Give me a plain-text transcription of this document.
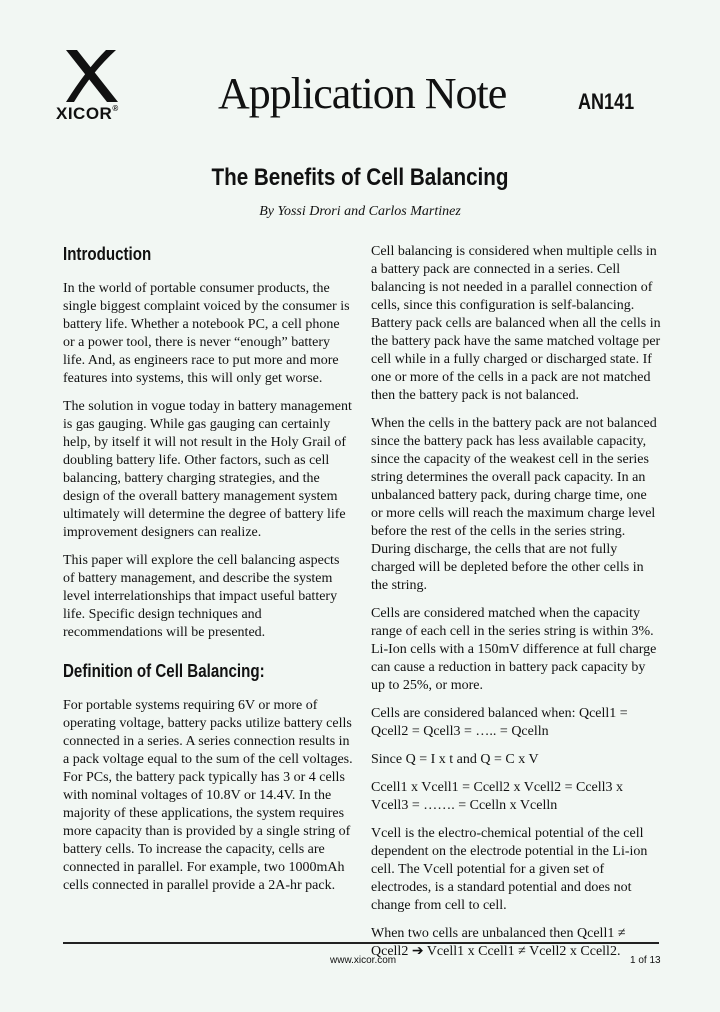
XICOR® Application Note	AN141
The Benefits of Cell Balancing
By Yossi Drori and Carlos Martinez
Introduction

In the world of portable consumer products, the single biggest complaint voiced by the consumer is battery life. Whether a notebook PC, a cell phone or a power tool, there is never “enough” battery life. And, as engineers race to put more and more features into systems, this will only get worse.

The solution in vogue today in battery management is gas gauging. While gas gauging can certainly help, by itself it will not result in the Holy Grail of doubling battery life. Other factors, such as cell balancing, battery charging strategies, and the design of the overall battery management system ultimately will determine the degree of battery life improvement designers can realize.

This paper will explore the cell balancing aspects of battery management, and describe the system level interrelationships that impact useful battery life. Specific design techniques and recommendations will be presented.

Definition of Cell Balancing:

For portable systems requiring 6V or more of operating voltage, battery packs utilize battery cells connected in a series. A series connection results in a pack voltage equal to the sum of the cell voltages. For PCs, the battery pack typically has 3 or 4 cells with nominal voltages of 10.8V or 14.4V. In the majority of these applications, the system requires more capacity than is provided by a single string of battery cells. To increase the capacity, cells are connected in parallel. For example, two 1000mAh cells connected in parallel provide a 2A-hr pack.

Cell balancing is considered when multiple cells in a battery pack are connected in a series. Cell balancing is not needed in a parallel connection of cells, since this configuration is self-balancing. Battery pack cells are balanced when all the cells in the battery pack have the same matched voltage per cell while in a fully charged or discharged state. If one or more of the cells in a pack are not matched then the battery pack is not balanced.

When the cells in the battery pack are not balanced since the battery pack has less available capacity, since the capacity of the weakest cell in the series string determines the overall pack capacity. In an unbalanced battery pack, during charge time, one or more cells will reach the maximum charge level before the rest of the cells in the series string. During discharge, the cells that are not fully charged will be depleted before the other cells in the string.

Cells are considered matched when the capacity range of each cell in the series string is within 3%. Li-Ion cells with a 150mV difference at full charge can cause a reduction in battery pack capacity by up to 25%, or more.

Cells are considered balanced when: Qcell1 = Qcell2 = Qcell3 = ….. = Qcelln

Since Q = I x t and Q = C x V

Ccell1 x Vcell1 = Ccell2 x Vcell2 = Ccell3 x Vcell3 = ……. = Ccelln x Vcelln

Vcell is the electro-chemical potential of the cell dependent on the electrode potential in the Li-ion cell. The Vcell potential for a given set of electrodes, is a standard potential and does not change from cell to cell.

When two cells are unbalanced then Qcell1 ≠ Qcell2 ➔ Vcell1 x Ccell1 ≠ Vcell2 x Ccell2.

www.xicor.com	1 of 13
